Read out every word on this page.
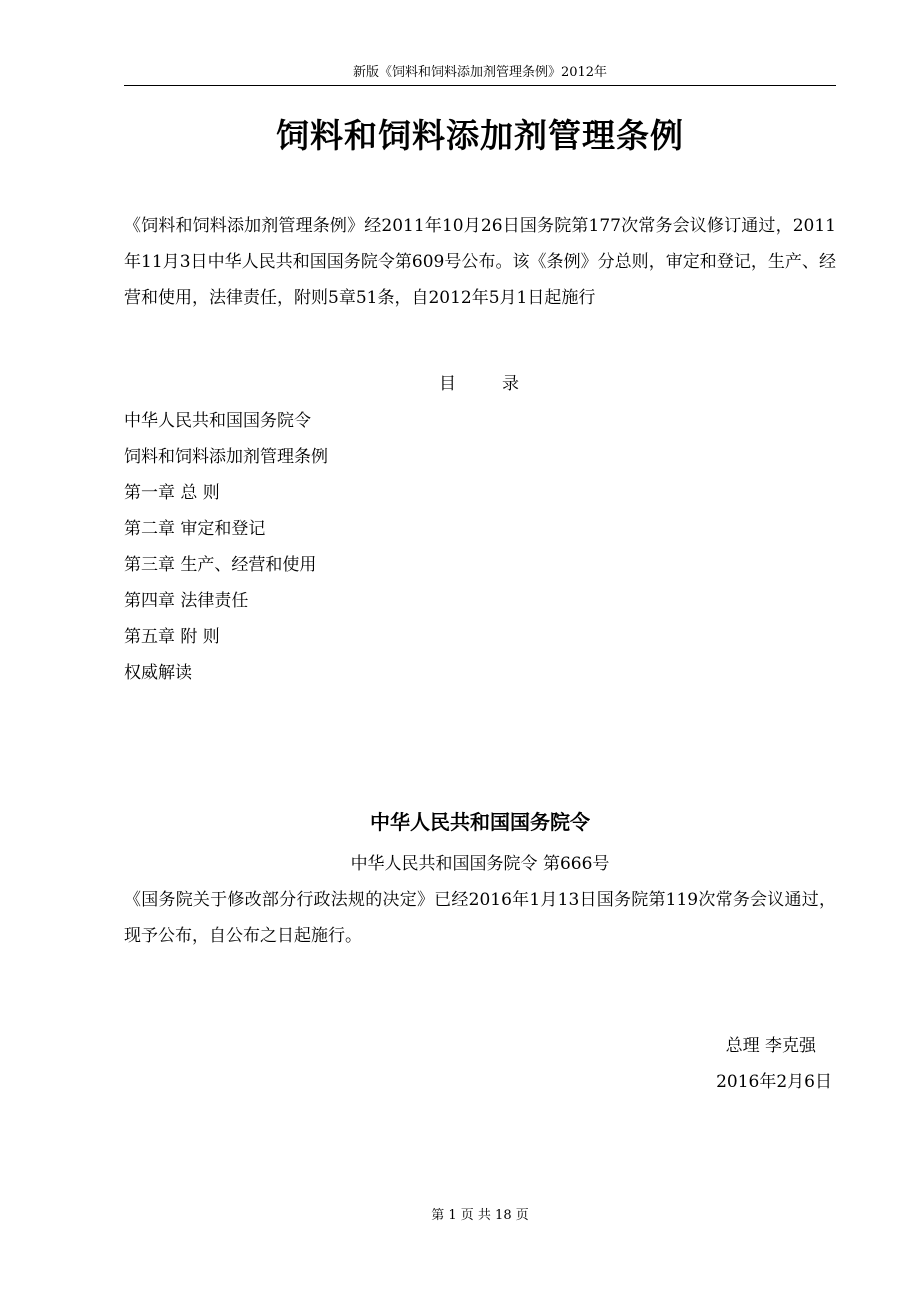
新版《饲料和饲料添加剂管理条例》2012年
饲料和饲料添加剂管理条例

《饲料和饲料添加剂管理条例》经2011年10月26日国务院第177次常务会议修订通过，2011年11月3日中华人民共和国国务院令第609号公布。该《条例》分总则，审定和登记，生产、经营和使用，法律责任，附则5章51条，自2012年5月1日起施行

目	录
中华人民共和国国务院令
饲料和饲料添加剂管理条例
第一章 总 则
第二章 审定和登记
第三章 生产、经营和使用
第四章 法律责任
第五章 附 则
权威解读
中华人民共和国国务院令
中华人民共和国国务院令 第666号

《国务院关于修改部分行政法规的决定》已经2016年1月13日国务院第119次常务会议通过，现予公布，自公布之日起施行。

总理 李克强
2016年2月6日
第 1 页 共 18 页
